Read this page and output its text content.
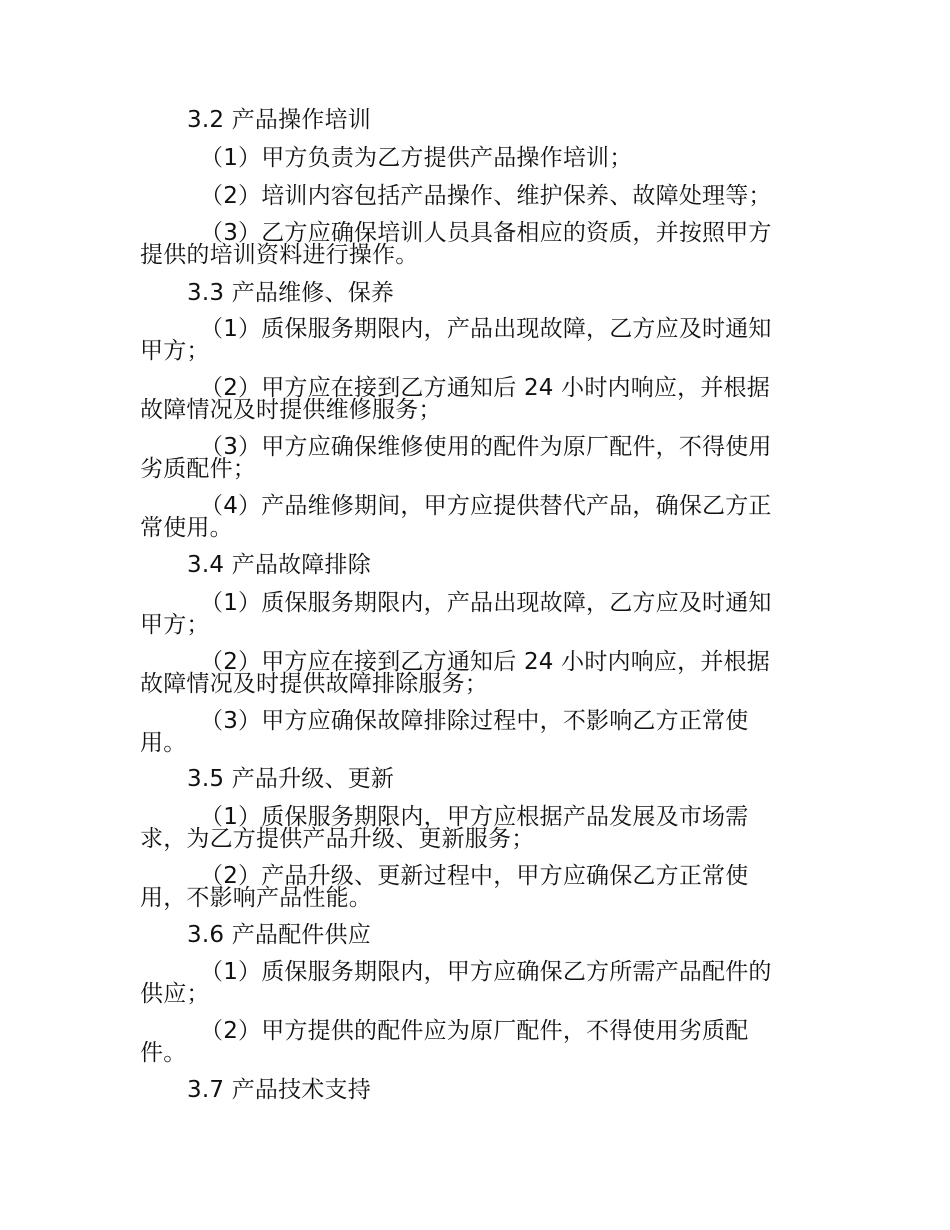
3.2 产品操作培训
（1）甲方负责为乙方提供产品操作培训；
（2）培训内容包括产品操作、维护保养、故障处理等；
（3）乙方应确保培训人员具备相应的资质，并按照甲方
提供的培训资料进行操作。
3.3 产品维修、保养
（1）质保服务期限内，产品出现故障，乙方应及时通知
甲方；
（2）甲方应在接到乙方通知后 24 小时内响应，并根据
故障情况及时提供维修服务；
（3）甲方应确保维修使用的配件为原厂配件，不得使用
劣质配件；
（4）产品维修期间，甲方应提供替代产品，确保乙方正
常使用。
3.4 产品故障排除
（1）质保服务期限内，产品出现故障，乙方应及时通知
甲方；
（2）甲方应在接到乙方通知后 24 小时内响应，并根据
故障情况及时提供故障排除服务；
（3）甲方应确保故障排除过程中，不影响乙方正常使
用。
3.5 产品升级、更新
（1）质保服务期限内，甲方应根据产品发展及市场需
求，为乙方提供产品升级、更新服务；
（2）产品升级、更新过程中，甲方应确保乙方正常使
用，不影响产品性能。
3.6 产品配件供应
（1）质保服务期限内，甲方应确保乙方所需产品配件的
供应；
（2）甲方提供的配件应为原厂配件，不得使用劣质配
件。
3.7 产品技术支持
